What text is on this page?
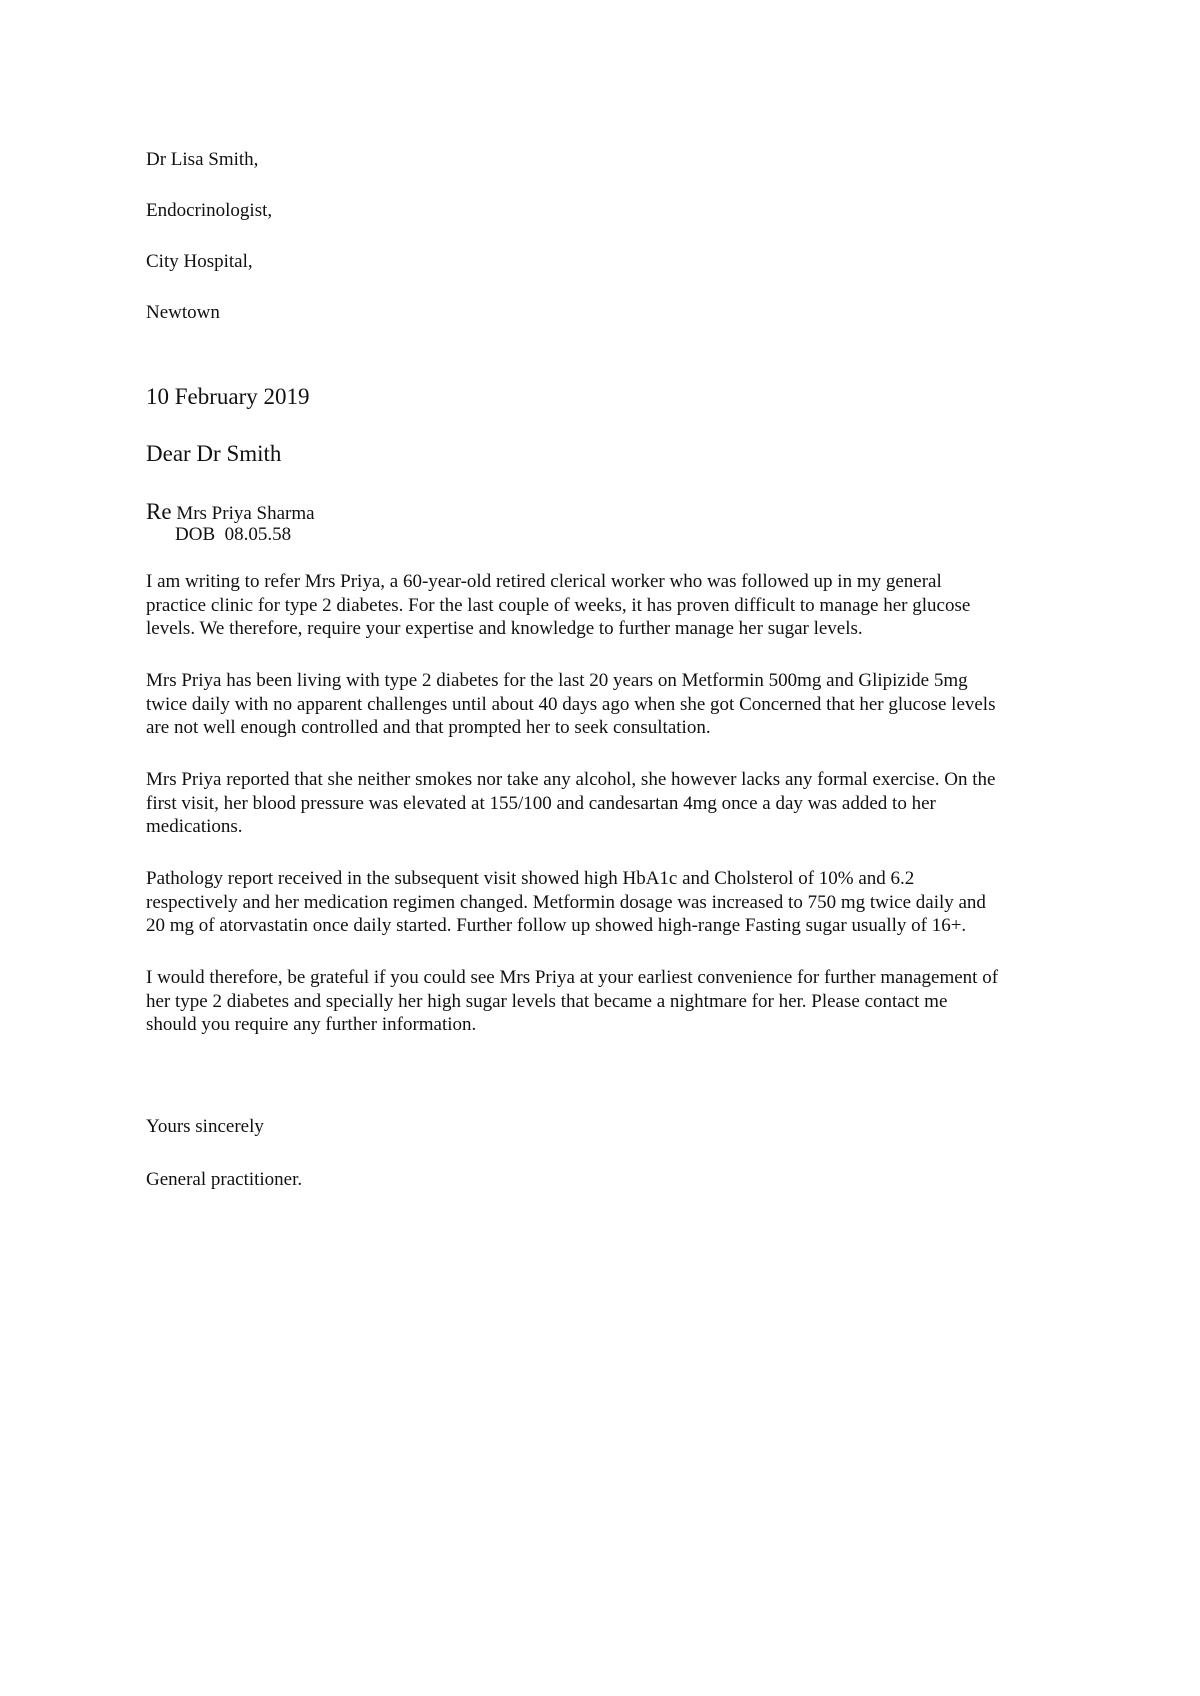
Dr Lisa Smith,
Endocrinologist,
City Hospital,
Newtown
10 February 2019
Dear Dr Smith
Re Mrs Priya Sharma
DOB  08.05.58
I am writing to refer Mrs Priya, a 60-year-old retired clerical worker who was followed up in my general
practice clinic for type 2 diabetes. For the last couple of weeks, it has proven difficult to manage her glucose
levels. We therefore, require your expertise and knowledge to further manage her sugar levels.
Mrs Priya has been living with type 2 diabetes for the last 20 years on Metformin 500mg and Glipizide 5mg
twice daily with no apparent challenges until about 40 days ago when she got Concerned that her glucose levels
are not well enough controlled and that prompted her to seek consultation.
Mrs Priya reported that she neither smokes nor take any alcohol, she however lacks any formal exercise. On the
first visit, her blood pressure was elevated at 155/100 and candesartan 4mg once a day was added to her
medications.
Pathology report received in the subsequent visit showed high HbA1c and Cholsterol of 10% and 6.2
respectively and her medication regimen changed. Metformin dosage was increased to 750 mg twice daily and
20 mg of atorvastatin once daily started. Further follow up showed high-range Fasting sugar usually of 16+.
I would therefore, be grateful if you could see Mrs Priya at your earliest convenience for further management of
her type 2 diabetes and specially her high sugar levels that became a nightmare for her. Please contact me
should you require any further information.
Yours sincerely
General practitioner.
